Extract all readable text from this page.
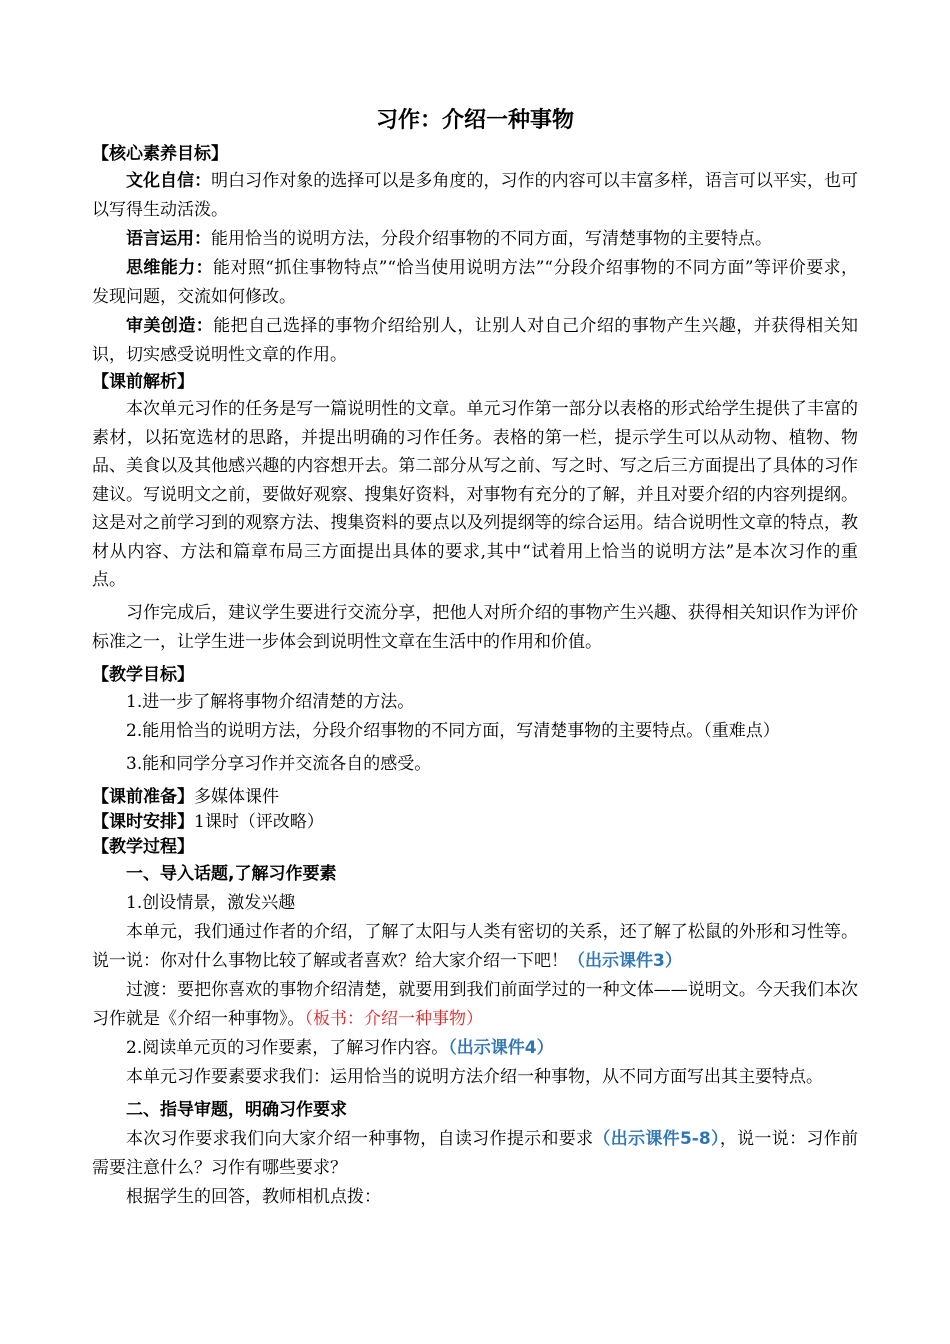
习作：介绍一种事物
【核心素养目标】

文化自信：明白习作对象的选择可以是多角度的，习作的内容可以丰富多样，语言可以平实，也可以写得生动活泼。

语言运用：能用恰当的说明方法，分段介绍事物的不同方面，写清楚事物的主要特点。

思维能力：能对照“抓住事物特点”“恰当使用说明方法”“分段介绍事物的不同方面”等评价要求，发现问题，交流如何修改。

审美创造：能把自己选择的事物介绍给别人，让别人对自己介绍的事物产生兴趣，并获得相关知识，切实感受说明性文章的作用。

【课前解析】

本次单元习作的任务是写一篇说明性的文章。单元习作第一部分以表格的形式给学生提供了丰富的素材，以拓宽选材的思路，并提出明确的习作任务。表格的第一栏，提示学生可以从动物、植物、物品、美食以及其他感兴趣的内容想开去。第二部分从写之前、写之时、写之后三方面提出了具体的习作建议。写说明文之前，要做好观察、搜集好资料，对事物有充分的了解，并且对要介绍的内容列提纲。这是对之前学习到的观察方法、搜集资料的要点以及列提纲等的综合运用。结合说明性文章的特点，教材从内容、方法和篇章布局三方面提出具体的要求,其中“试着用上恰当的说明方法”是本次习作的重点。

习作完成后，建议学生要进行交流分享，把他人对所介绍的事物产生兴趣、获得相关知识作为评价标准之一，让学生进一步体会到说明性文章在生活中的作用和价值。

【教学目标】

1.进一步了解将事物介绍清楚的方法。

2.能用恰当的说明方法，分段介绍事物的不同方面，写清楚事物的主要特点。（重难点）

3.能和同学分享习作并交流各自的感受。

【课前准备】多媒体课件
【课时安排】1课时（评改略）
【教学过程】

一、导入话题,了解习作要素

1.创设情景，激发兴趣

本单元，我们通过作者的介绍，了解了太阳与人类有密切的关系，还了解了松鼠的外形和习性等。说一说：你对什么事物比较了解或者喜欢？给大家介绍一下吧！（出示课件3）

过渡：要把你喜欢的事物介绍清楚，就要用到我们前面学过的一种文体——说明文。今天我们本次习作就是《介绍一种事物》。（板书：介绍一种事物）

2.阅读单元页的习作要素，了解习作内容。（出示课件4）

本单元习作要素要求我们：运用恰当的说明方法介绍一种事物，从不同方面写出其主要特点。

二、指导审题，明确习作要求

本次习作要求我们向大家介绍一种事物，自读习作提示和要求（出示课件5-8），说一说：习作前需要注意什么？习作有哪些要求？

根据学生的回答，教师相机点拨：
